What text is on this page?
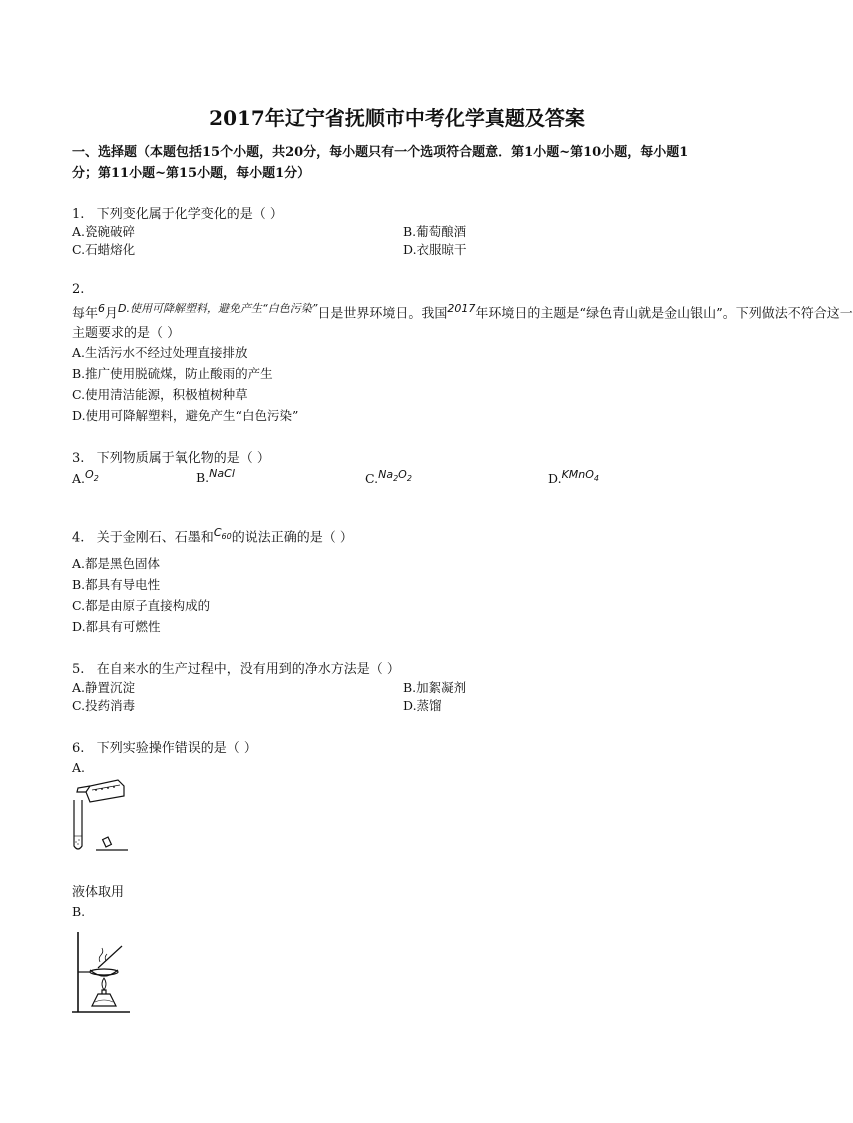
2017年辽宁省抚顺市中考化学真题及答案
一、选择题（本题包括15个小题，共20分，每小题只有一个选项符合题意．第1小题~第10小题，每小题1
分；第11小题~第15小题，每小题1分）
1.   下列变化属于化学变化的是（ ）
A.瓷碗破碎	B.葡萄酿酒
C.石蜡熔化	D.衣服晾干
2.
每年$^6$月$^{D.使用可降解塑料,避免产生“白色污染”}$日是世界环境日。我国$^{2017}$年环境日的主题是“绿色青山就是金山银山”。下列做法不符合这一
主题要求的是（ ）
A.生活污水不经过处理直接排放
B.推广使用脱硫煤，防止酸雨的产生
C.使用清洁能源，积极植树种草
D.使用可降解塑料，避免产生“白色污染”
3.   下列物质属于氧化物的是（ ）
A.$^{O_2}$	B.$^{NaCl}$	C.$^{Na_2O_2}$	D.$^{KMnO_4}$
4.   关于金刚石、石墨和$^{C_{60}}$的说法正确的是（ ）
A.都是黑色固体
B.都具有导电性
C.都是由原子直接构成的
D.都具有可燃性
5.   在自来水的生产过程中，没有用到的净水方法是（ ）
A.静置沉淀	B.加絮凝剂
C.投药消毒	D.蒸馏
6.   下列实验操作错误的是（ ）
A.
液体取用
B.
